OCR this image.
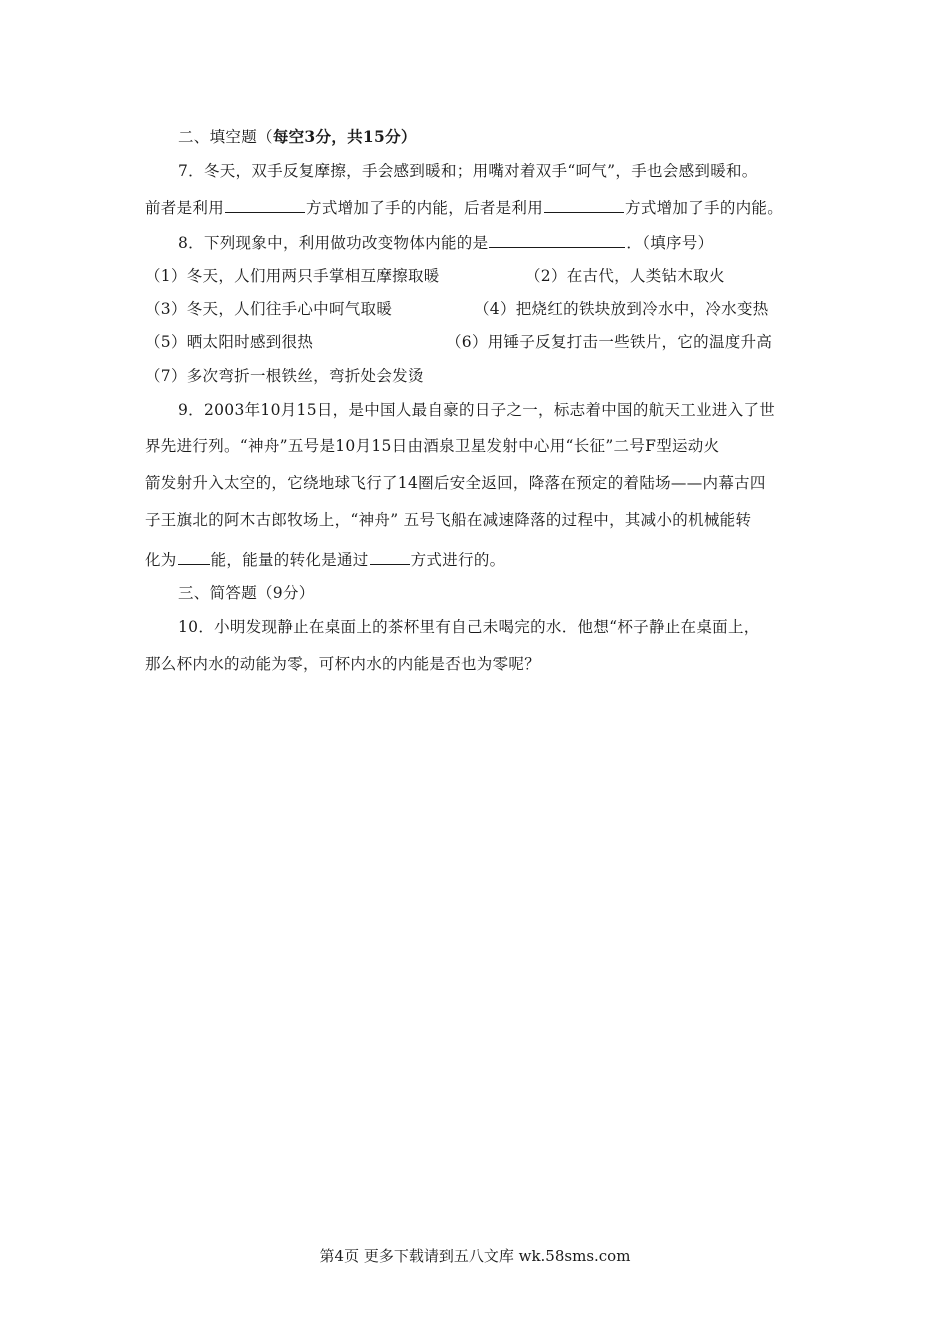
二、填空题（每空3分，共15分）
7．冬天，双手反复摩擦，手会感到暖和；用嘴对着双手“呵气”，手也会感到暖和。
前者是利用	方式增加了手的内能，后者是利用	方式增加了手的内能。
8．下列现象中，利用做功改变物体内能的是	．（填序号）
（1）冬天，人们用两只手掌相互摩擦取暖	（2）在古代，人类钻木取火
（3）冬天，人们往手心中呵气取暖	（4）把烧红的铁块放到冷水中，冷水变热
（5）晒太阳时感到很热	（6）用锤子反复打击一些铁片，它的温度升高
（7）多次弯折一根铁丝，弯折处会发烫
9．2003年10月15日，是中国人最自豪的日子之一，标志着中国的航天工业进入了世
界先进行列。“神舟”五号是10月15日由酒泉卫星发射中心用“长征”二号F型运动火
箭发射升入太空的，它绕地球飞行了14圈后安全返回，降落在预定的着陆场——内幕古四
子王旗北的阿木古郎牧场上，“神舟” 五号飞船在减速降落的过程中，其减小的机械能转
化为 能，能量的转化是通过	方式进行的。
三、简答题（9分）
10．小明发现静止在桌面上的茶杯里有自己未喝完的水．他想“杯子静止在桌面上，
那么杯内水的动能为零，可杯内水的内能是否也为零呢？
第4页 更多下载请到五八文库 wk.58sms.com
